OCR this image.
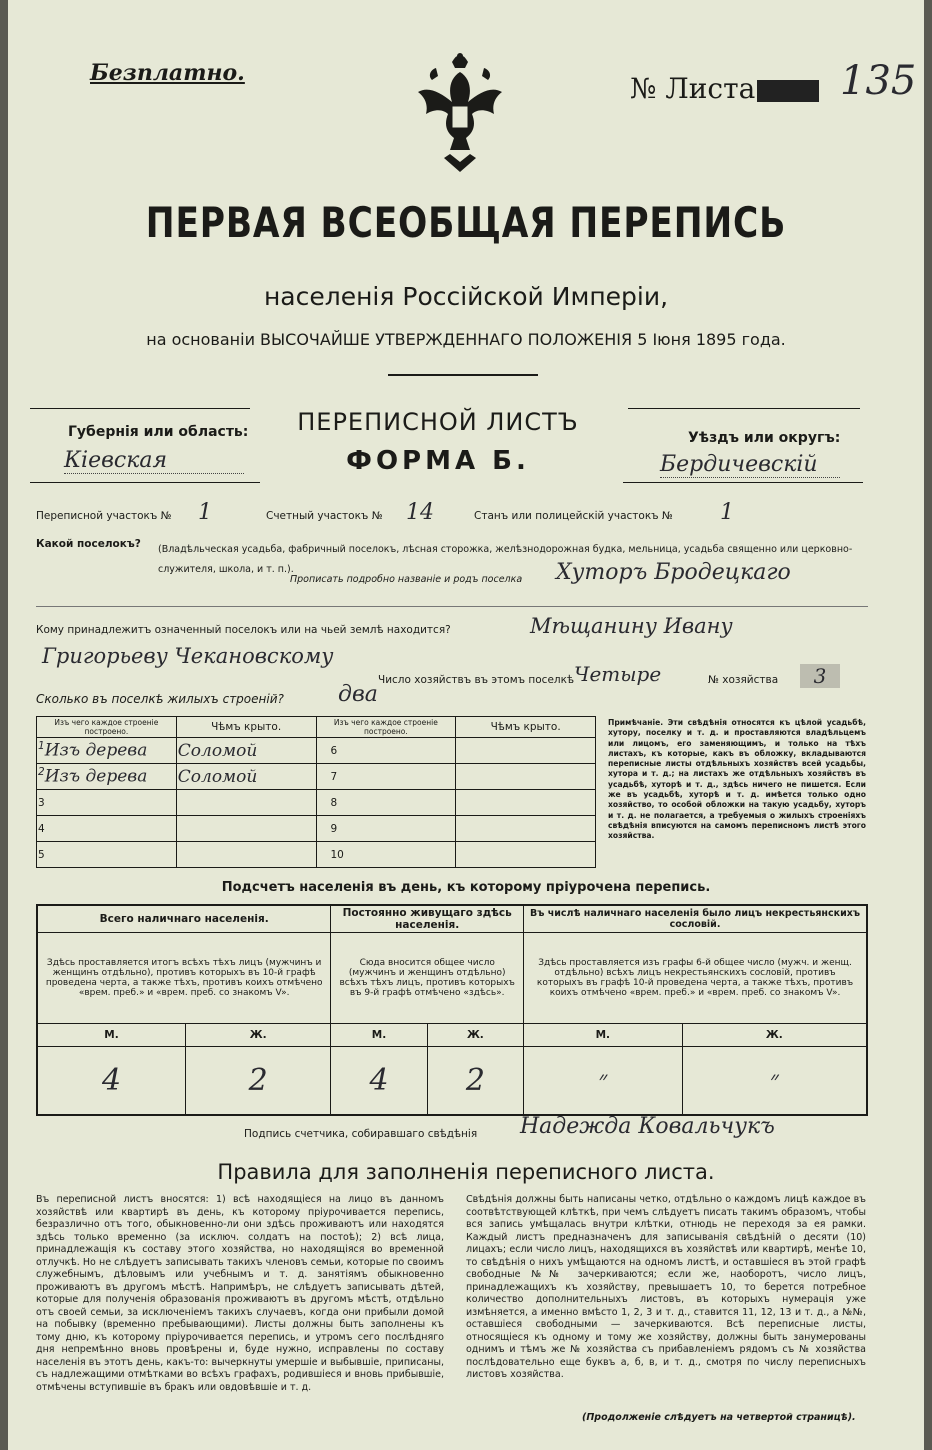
Безплатно.	№ Листа	135
ПЕРВАЯ ВСЕОБЩАЯ ПЕРЕПИСЬ
населенія Россійской Имперіи,
на основаніи ВЫСОЧАЙШЕ УТВЕРЖДЕННАГО ПОЛОЖЕНІЯ 5 Іюня 1895 года.
Губернія или область:
Кіевская
ПЕРЕПИСНОЙ ЛИСТЪ
ФОРМА Б.
Уѣздъ или округъ:
Бердичевскій
Переписной участокъ № 1	Счетный участокъ № 14	Станъ или полицейскій участокъ № 1
Какой поселокъ? (Владѣльческая усадьба, фабричный поселокъ, лѣсная сторожка, желѣзнодорожная будка, мельница, усадьба священно или церковно-служителя, школа, и т. п.).
Прописать подробно названіе и родъ поселка Хуторъ Бродецкаго
Кому принадлежитъ означенный поселокъ или на чьей землѣ находится?	Мѣщанину Ивану
Григорьеву Чекановскому
Число хозяйствъ въ этомъ поселкѣ Четыре	№ хозяйства	3
Сколько въ поселкѣ жилыхъ строеній? два
Изъ чего каждое строеніе построено.	Чѣмъ крыто.	Изъ чего каждое строеніе построено.	Чѣмъ крыто.
$^1$Изъ дерева	Соломой	6	
$^2$Изъ дерева	Соломой	7	
3		8	
4		9	
5		10	
Примѣчаніе. Эти свѣдѣнія относятся къ цѣлой усадьбѣ, хутору, поселку и т. д. и проставляются владѣльцемъ или лицомъ, его заменяющимъ, и только на тѣхъ листахъ, къ которые, какъ въ обложку, вкладываются переписные листы отдѣльныхъ хозяйствъ всей усадьбы, хутора и т. д.; на листахъ же отдѣльныхъ хозяйствъ въ усадьбѣ, хуторѣ и т. д., здѣсь ничего не пишется. Если же въ усадьбѣ, хуторѣ и т. д. имѣется только одно хозяйство, то особой обложки на такую усадьбу, хуторъ и т. д. не полагается, а требуемыя о жилыхъ строеніяхъ свѣдѣнія вписуются на самомъ переписномъ листѣ этого хозяйства.
Подсчетъ населенія въ день, къ которому пріурочена перепись.
Всего наличнаго населенія.		Постоянно живущаго здѣсь населенія.		Въ числѣ наличнаго населенія было лицъ некрестьянскихъ сословій.	
Здѣсь проставляется итогъ всѣхъ тѣхъ лицъ (мужчинъ и женщинъ отдѣльно), противъ которыхъ въ 10-й графѣ проведена черта, а также тѣхъ, противъ коихъ отмѣчено «врем. преб.» и «врем. преб. со знакомъ V».		Сюда вносится общее число (мужчинъ и женщинъ отдѣльно) всѣхъ тѣхъ лицъ, противъ которыхъ въ 9-й графѣ отмѣчено «здѣсь».		Здѣсь проставляется изъ графы 6-й общее число (мужч. и женщ. отдѣльно) всѣхъ лицъ некрестьянскихъ сословій, противъ которыхъ въ графѣ 10-й проведена черта, а также тѣхъ, противъ коихъ отмѣчено «врем. преб.» и «врем. преб. со знакомъ V».	
М.	Ж.	М.	Ж.	М.	Ж.
4	2	4	2	״	״
Подпись счетчика, собиравшаго свѣдѣнія Надежда Ковальчукъ
Правила для заполненія переписного листа.
Въ переписной листъ вносятся: 1) всѣ находящіеся на лицо въ данномъ хозяйствѣ или квартирѣ въ день, къ которому пріурочивается перепись, безразлично отъ того, обыкновенно-ли они здѣсь проживаютъ или находятся здѣсь только временно (за исключ. солдатъ на постоѣ); 2) всѣ лица, принадлежащія къ составу этого хозяйства, но находящіяся во временной отлучкѣ. Но не слѣдуетъ записывать такихъ членовъ семьи, которые по своимъ служебнымъ, дѣловымъ или учебнымъ и т. д. занятіямъ обыкновенно проживаютъ въ другомъ мѣстѣ. Напримѣръ, не слѣдуетъ записывать дѣтей, которые для полученія образованія проживаютъ въ другомъ мѣстѣ, отдѣльно отъ своей семьи, за исключеніемъ такихъ случаевъ, когда они прибыли домой на побывку (временно пребывающими). Листы должны быть заполнены къ тому дню, къ которому пріурочивается перепись, и утромъ сего послѣдняго дня непремѣнно вновь провѣрены и, буде нужно, исправлены по составу населенія въ этотъ день, какъ-то: вычеркнуты умершіе и выбывшіе, приписаны, съ надлежащими отмѣтками во всѣхъ графахъ, родившіеся и вновь прибывшіе, отмѣчены вступившіе въ бракъ или овдовѣвшіе и т. д.
Свѣдѣнія должны быть написаны четко, отдѣльно о каждомъ лицѣ каждое въ соотвѣтствующей клѣткѣ, при чемъ слѣдуетъ писать такимъ образомъ, чтобы вся запись умѣщалась внутри клѣтки, отнюдь не переходя за ея рамки. Каждый листъ предназначенъ для записыванія свѣдѣній о десяти (10) лицахъ; если число лицъ, находящихся въ хозяйствѣ или квартирѣ, менѣе 10, то свѣдѣнія о нихъ умѣщаются на одномъ листѣ, и оставшіеся въ этой графѣ свободные №№ зачеркиваются; если же, наоборотъ, число лицъ, принадлежащихъ къ хозяйству, превышаетъ 10, то берется потребное количество дополнительныхъ листовъ, въ которыхъ нумерація уже измѣняется, а именно вмѣсто 1, 2, 3 и т. д., ставится 11, 12, 13 и т. д., а №№, оставшіеся свободными — зачеркиваются. Всѣ переписные листы, относящіеся къ одному и тому же хозяйству, должны быть занумерованы однимъ и тѣмъ же № хозяйства съ прибавленіемъ рядомъ съ № хозяйства послѣдовательно еще буквъ а, б, в, и т. д., смотря по числу переписныхъ листовъ хозяйства.
(Продолженіе слѣдуетъ на четвертой страницѣ).
